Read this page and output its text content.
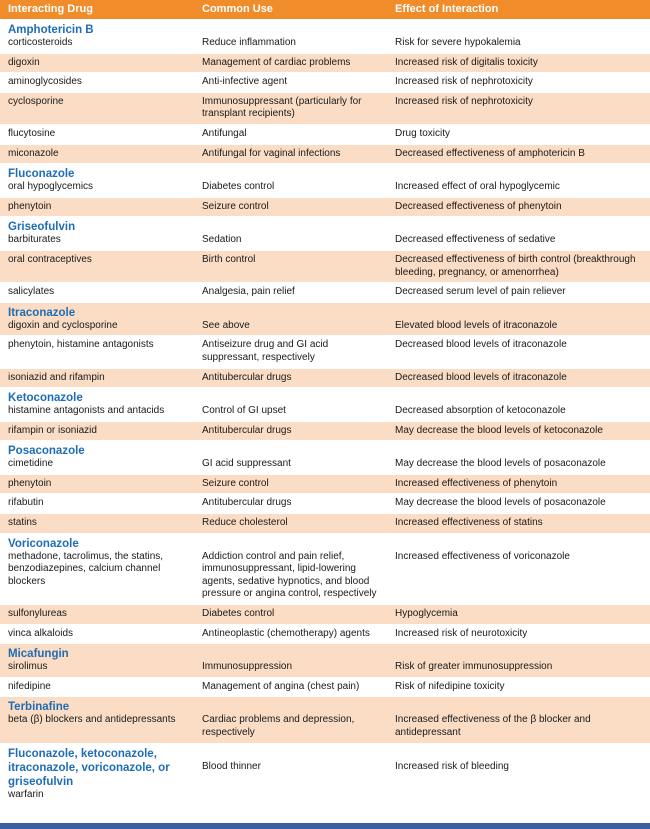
Interacting Drug	Common Use	Effect of Interaction

Amphotericin B
corticosteroids	Reduce inflammation	Risk for severe hypokalemia
digoxin	Management of cardiac problems	Increased risk of digitalis toxicity
aminoglycosides	Anti-infective agent	Increased risk of nephrotoxicity
cyclosporine	Immunosuppressant (particularly for transplant recipients)	Increased risk of nephrotoxicity
flucytosine	Antifungal	Drug toxicity
miconazole	Antifungal for vaginal infections	Decreased effectiveness of amphotericin B

Fluconazole
oral hypoglycemics	Diabetes control	Increased effect of oral hypoglycemic
phenytoin	Seizure control	Decreased effectiveness of phenytoin

Griseofulvin
barbiturates	Sedation	Decreased effectiveness of sedative
oral contraceptives	Birth control	Decreased effectiveness of birth control (breakthrough bleeding, pregnancy, or amenorrhea)
salicylates	Analgesia, pain relief	Decreased serum level of pain reliever

Itraconazole
digoxin and cyclosporine	See above	Elevated blood levels of itraconazole
phenytoin, histamine antagonists	Antiseizure drug and GI acid suppressant, respectively	Decreased blood levels of itraconazole
isoniazid and rifampin	Antitubercular drugs	Decreased blood levels of itraconazole

Ketoconazole
histamine antagonists and antacids	Control of GI upset	Decreased absorption of ketoconazole
rifampin or isoniazid	Antitubercular drugs	May decrease the blood levels of ketoconazole

Posaconazole
cimetidine	GI acid suppressant	May decrease the blood levels of posaconazole
phenytoin	Seizure control	Increased effectiveness of phenytoin
rifabutin	Antitubercular drugs	May decrease the blood levels of posaconazole
statins	Reduce cholesterol	Increased effectiveness of statins

Voriconazole
methadone, tacrolimus, the statins, benzodiazepines, calcium channel blockers	Addiction control and pain relief, immunosuppressant, lipid-lowering agents, sedative hypnotics, and blood pressure or angina control, respectively	Increased effectiveness of voriconazole
sulfonylureas	Diabetes control	Hypoglycemia
vinca alkaloids	Antineoplastic (chemotherapy) agents	Increased risk of neurotoxicity

Micafungin
sirolimus	Immunosuppression	Risk of greater immunosuppression
nifedipine	Management of angina (chest pain)	Risk of nifedipine toxicity

Terbinafine
beta (β) blockers and antidepressants	Cardiac problems and depression, respectively	Increased effectiveness of the β blocker and antidepressant

Fluconazole, ketoconazole, itraconazole, voriconazole, or griseofulvin
warfarin	Blood thinner	Increased risk of bleeding
